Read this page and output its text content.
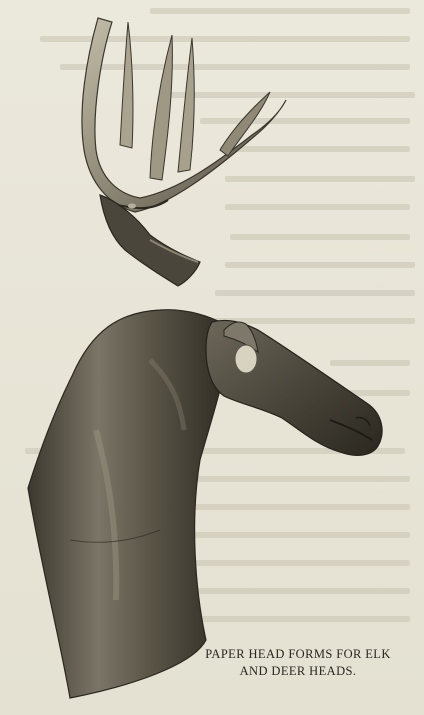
PAPER HEAD FORMS FOR ELK
AND DEER HEADS.
